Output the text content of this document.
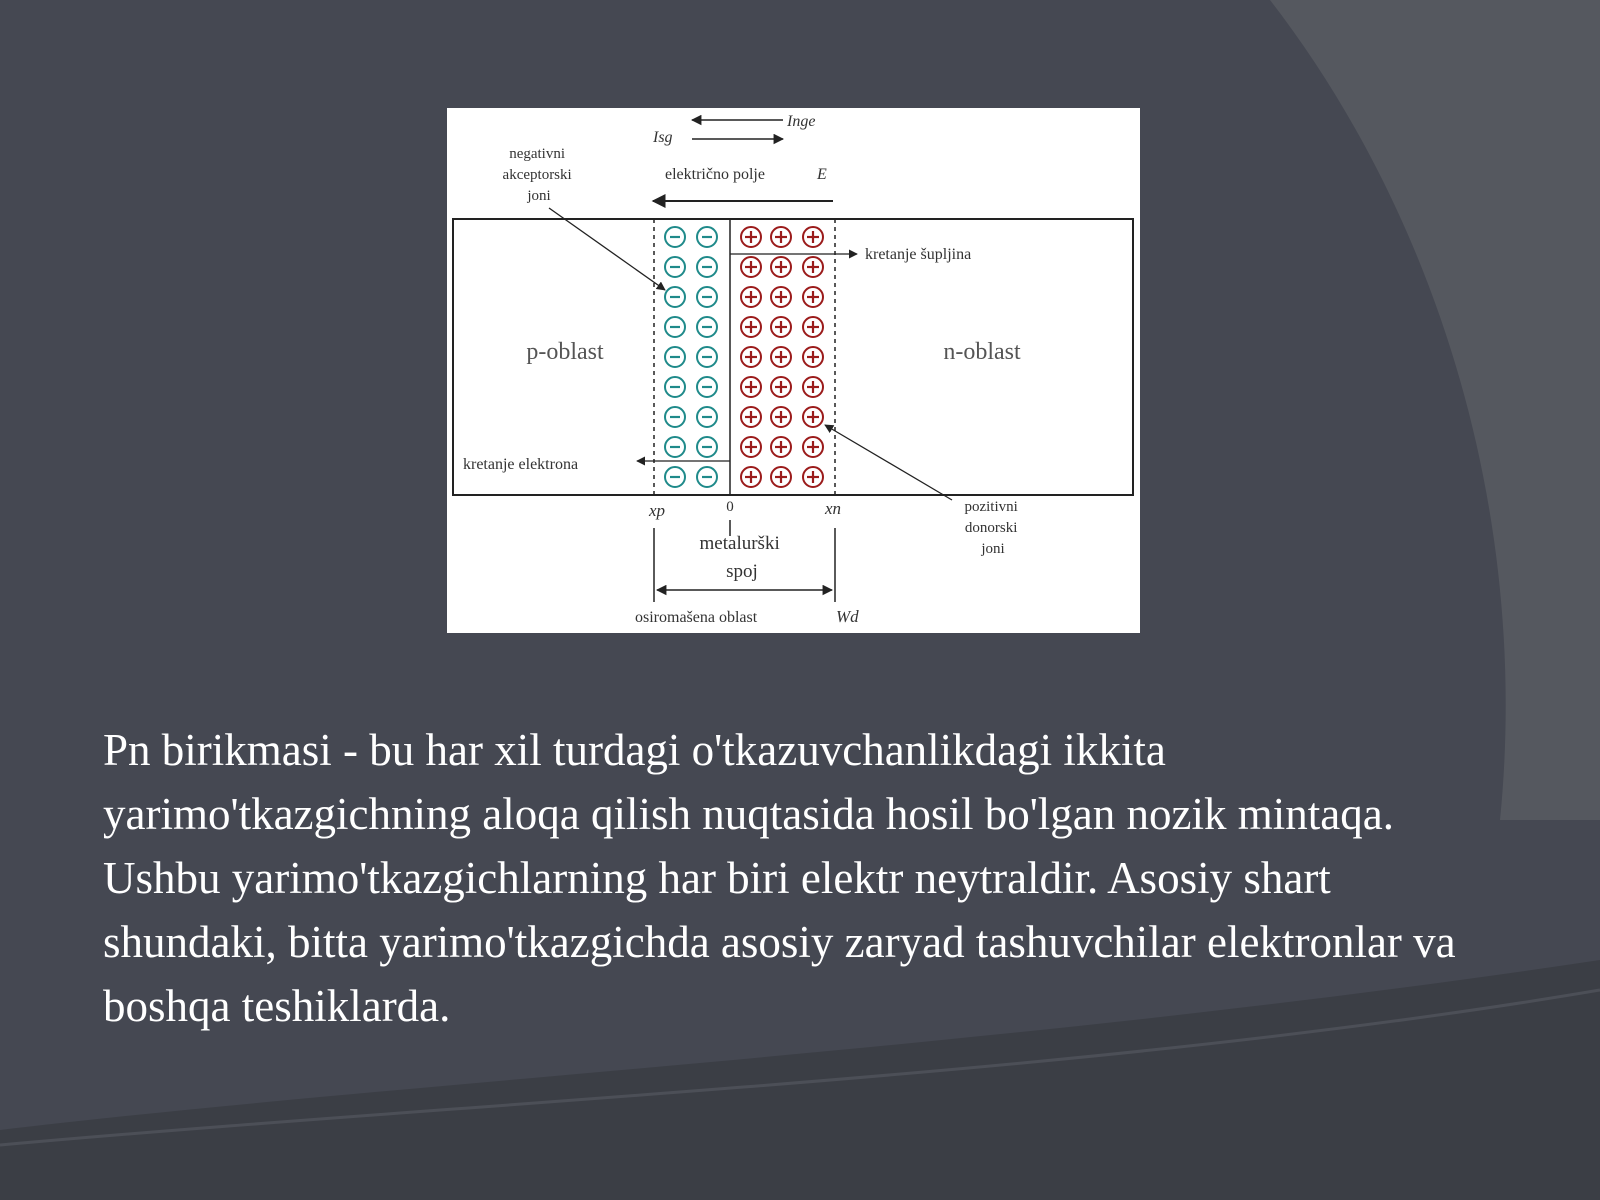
Inge
Isg
električno polje	E
negativni akceptorski joni
kretanje šupljina
p-oblast	n-oblast
kretanje elektrona
pozitivni donorski joni
xp	0	xn
metalurški spoj
osiromašena oblast	Wd

Pn birikmasi - bu har xil turdagi o'tkazuvchanlikdagi ikkita yarimo'tkazgichning aloqa qilish nuqtasida hosil bo'lgan nozik mintaqa. Ushbu yarimo'tkazgichlarning har biri elektr neytraldir. Asosiy shart shundaki, bitta yarimo'tkazgichda asosiy zaryad tashuvchilar elektronlar va boshqa teshiklarda.
